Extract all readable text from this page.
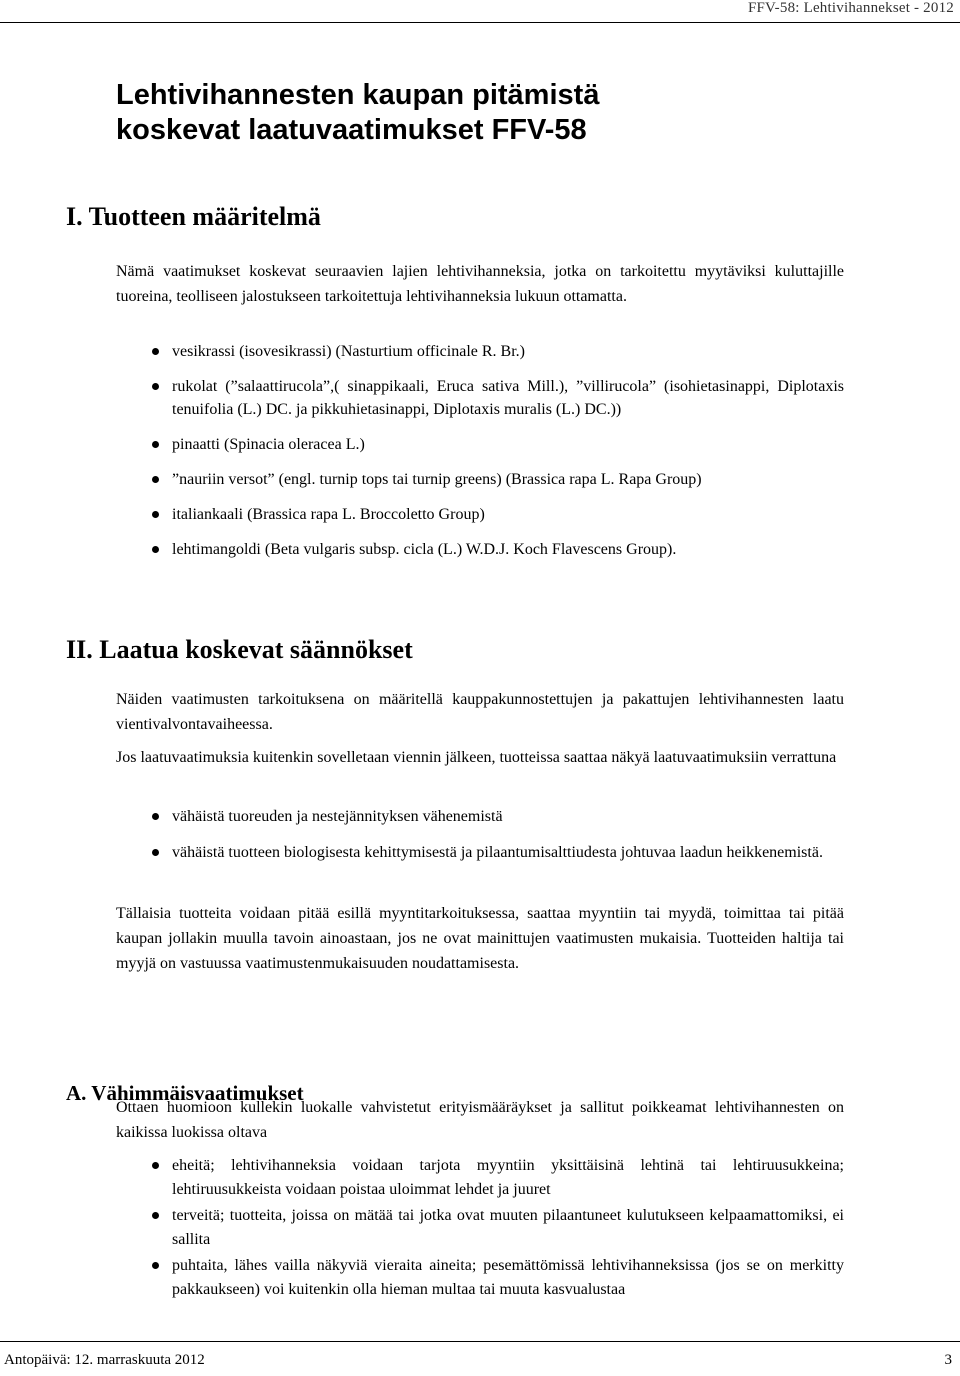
FFV-58: Lehtivihannekset - 2012
Lehtivihannesten kaupan pitämistä
koskevat laatuvaatimukset FFV-58
I. Tuotteen määritelmä

Nämä vaatimukset koskevat seuraavien lajien lehtivihanneksia, jotka on tarkoitettu myytäviksi kuluttajille tuoreina, teolliseen jalostukseen tarkoitettuja lehtivihanneksia lukuun ottamatta.

vesikrassi (isovesikrassi) (Nasturtium officinale R. Br.)
rukolat (”salaattirucola”,( sinappikaali, Eruca sativa Mill.), ”villirucola” (isohietasinappi, Diplotaxis tenuifolia (L.) DC. ja pikkuhietasinappi, Diplotaxis muralis (L.) DC.))
pinaatti (Spinacia oleracea L.)
”nauriin versot” (engl. turnip tops tai turnip greens) (Brassica rapa L. Rapa Group)
italiankaali (Brassica rapa L. Broccoletto Group)
lehtimangoldi (Beta vulgaris subsp. cicla (L.) W.D.J. Koch Flavescens Group).
II. Laatua koskevat säännökset

Näiden vaatimusten tarkoituksena on määritellä kauppakunnostettujen ja pakattujen lehtivihannesten laatu vientivalvontavaiheessa.

Jos laatuvaatimuksia kuitenkin sovelletaan viennin jälkeen, tuotteissa saattaa näkyä laatuvaatimuksiin verrattuna

vähäistä tuoreuden ja nestejännityksen vähenemistä
vähäistä tuotteen biologisesta kehittymisestä ja pilaantumisalttiudesta johtuvaa laadun heikkenemistä.

Tällaisia tuotteita voidaan pitää esillä myyntitarkoituksessa, saattaa myyntiin tai myydä, toimittaa tai pitää kaupan jollakin muulla tavoin ainoastaan, jos ne ovat mainittujen vaatimusten mukaisia. Tuotteiden haltija tai myyjä on vastuussa vaatimustenmukaisuuden noudattamisesta.

A. Vähimmäisvaatimukset

Ottaen huomioon kullekin luokalle vahvistetut erityismääräykset ja sallitut poikkeamat lehtivihannesten on kaikissa luokissa oltava

eheitä; lehtivihanneksia voidaan tarjota myyntiin yksittäisinä lehtinä tai lehtiruusukkeina; lehtiruusukkeista voidaan poistaa uloimmat lehdet ja juuret
terveitä; tuotteita, joissa on mätää tai jotka ovat muuten pilaantuneet kulutukseen kelpaamattomiksi, ei sallita
puhtaita, lähes vailla näkyviä vieraita aineita; pesemättömissä lehtivihanneksissa (jos se on merkitty pakkaukseen) voi kuitenkin olla hieman multaa tai muuta kasvualustaa
Antopäivä: 12. marraskuuta 2012	3
